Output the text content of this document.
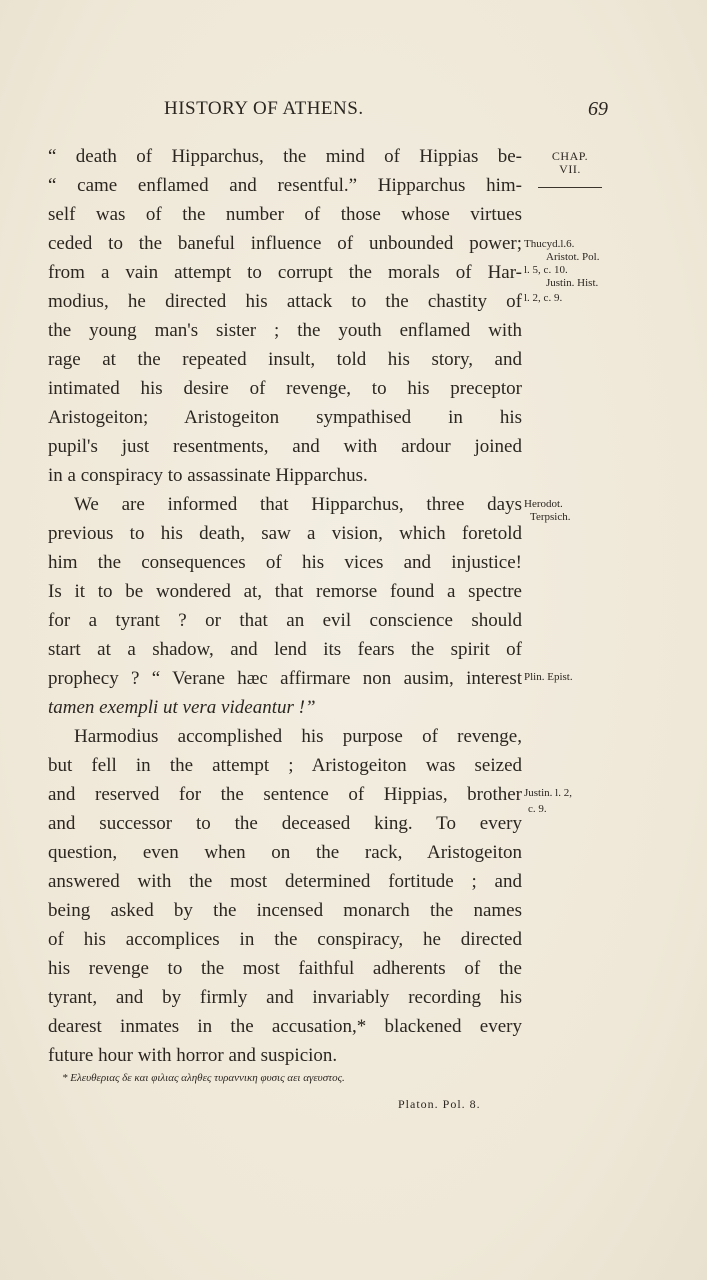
HISTORY OF ATHENS.	69
CHAP.
VII.
“ death of Hipparchus, the mind of Hippias be-
“ came enflamed and resentful.” Hipparchus him-
self was of the number of those whose virtues
ceded to the baneful influence of unbounded power;
from a vain attempt to corrupt the morals of Har-
modius, he directed his attack to the chastity of
the young man's sister ; the youth enflamed with
rage at the repeated insult, told his story, and
intimated his desire of revenge, to his preceptor
Aristogeiton; Aristogeiton sympathised in his
pupil's just resentments, and with ardour joined
in a conspiracy to assassinate Hipparchus.
We are informed that Hipparchus, three days
previous to his death, saw a vision, which foretold
him the consequences of his vices and injustice!
Is it to be wondered at, that remorse found a spectre
for a tyrant ? or that an evil conscience should
start at a shadow, and lend its fears the spirit of
prophecy ? “ Verane hæc affirmare non ausim, interest
tamen exempli ut vera videantur !”
Harmodius accomplished his purpose of revenge,
but fell in the attempt ; Aristogeiton was seized
and reserved for the sentence of Hippias, brother
and successor to the deceased king. To every
question, even when on the rack, Aristogeiton
answered with the most determined fortitude ; and
being asked by the incensed monarch the names
of his accomplices in the conspiracy, he directed
his revenge to the most faithful adherents of the
tyrant, and by firmly and invariably recording his
dearest inmates in the accusation,* blackened every
future hour with horror and suspicion.
Thucyd.l.6.
Aristot. Pol.
l. 5, c. 10.
Justin. Hist.
l. 2, c. 9.
Herodot.
Terpsich.
Plin. Epist.
Justin. l. 2,
c. 9.
* Ελευθεριας δε και φιλιας αληθες τυραννικη φυσις αει αγευστος.
Platon. Pol. 8.
